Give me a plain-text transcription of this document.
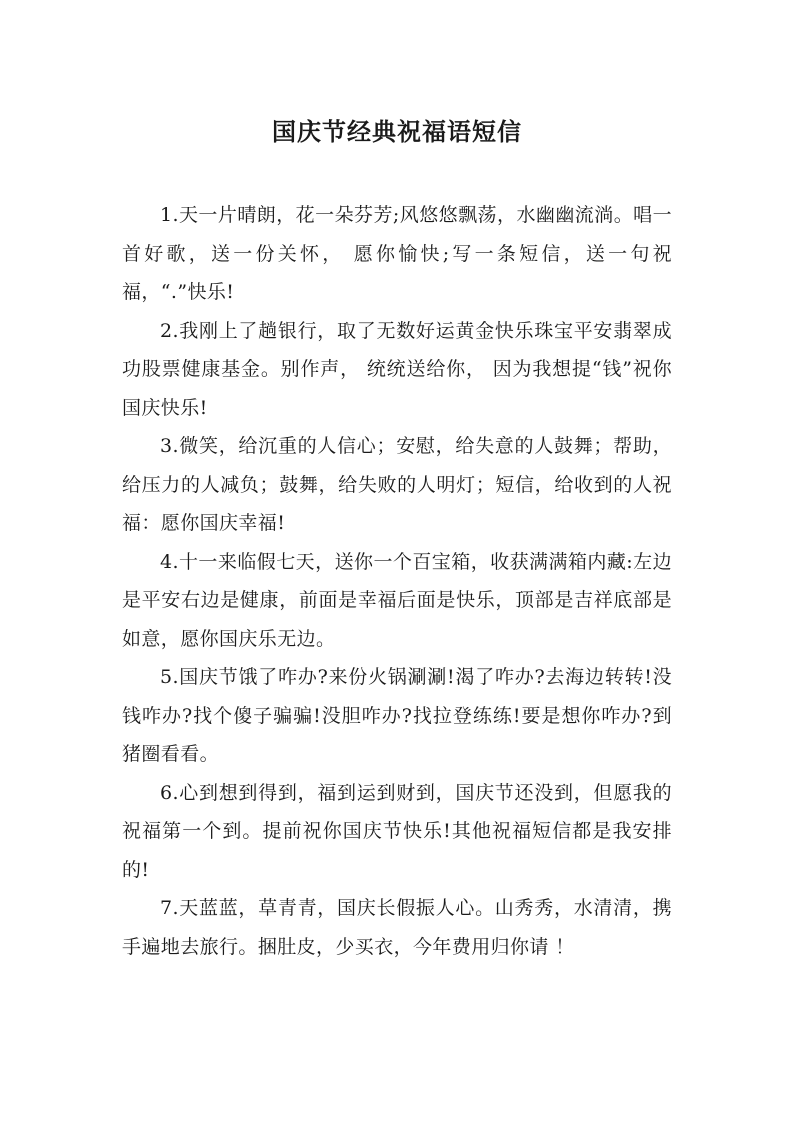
国庆节经典祝福语短信

1.天一片晴朗，花一朵芬芳;风悠悠飘荡，水幽幽流淌。唱一首好歌，送一份关怀， 愿你愉快;写一条短信，送一句祝福，“.”快乐!

2.我刚上了趟银行，取了无数好运黄金快乐珠宝平安翡翠成功股票健康基金。别作声， 统统送给你， 因为我想提“钱”祝你国庆快乐!

3.微笑，给沉重的人信心；安慰，给失意的人鼓舞；帮助，给压力的人减负；鼓舞，给失败的人明灯；短信，给收到的人祝福：愿你国庆幸福!

4.十一来临假七天，送你一个百宝箱，收获满满箱内藏:左边是平安右边是健康，前面是幸福后面是快乐，顶部是吉祥底部是如意，愿你国庆乐无边。

5.国庆节饿了咋办?来份火锅涮涮!渴了咋办?去海边转转!没钱咋办?找个傻子骗骗!没胆咋办?找拉登练练!要是想你咋办?到猪圈看看。

6.心到想到得到，福到运到财到，国庆节还没到，但愿我的祝福第一个到。提前祝你国庆节快乐!其他祝福短信都是我安排的!

7.天蓝蓝，草青青，国庆长假振人心。山秀秀，水清清，携手遍地去旅行。捆肚皮，少买衣，今年费用归你请 ！
